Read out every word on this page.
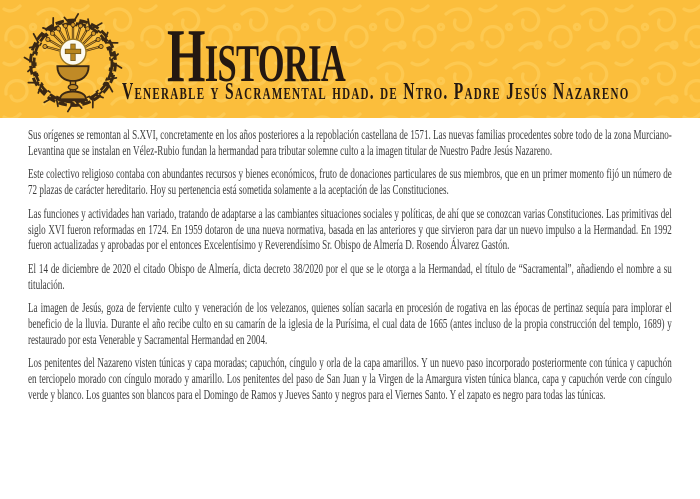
Historia
Venerable y Sacramental hdad. de Ntro. Padre Jesús Nazareno

Sus orígenes se remontan al S.XVI, concretamente en los años posteriores a la repoblación castellana de 1571. Las nuevas familias procedentes sobre todo de la zona Murciano-Levantina que se instalan en Vélez-Rubio fundan la hermandad para tributar solemne culto a la imagen titular de Nuestro Padre Jesús Nazareno.

Este colectivo religioso contaba con abundantes recursos y bienes económicos, fruto de donaciones particulares de sus miembros, que en un primer momento fijó un número de 72 plazas de carácter hereditario. Hoy su pertenencia está sometida solamente a la aceptación de las Constituciones.

Las funciones y actividades han variado, tratando de adaptarse a las cambiantes situaciones sociales y políticas, de ahí que se conozcan varias Constituciones. Las primitivas del siglo XVI fueron reformadas en 1724. En 1959 dotaron de una nueva normativa, basada en las anteriores y que sirvieron para dar un nuevo impulso a la Hermandad. En 1992 fueron actualizadas y aprobadas por el entonces Excelentísimo y Reverendísimo Sr. Obispo de Almería D. Rosendo Álvarez Gastón.

El 14 de diciembre de 2020 el citado Obispo de Almería, dicta decreto 38/2020 por el que se le otorga a la Hermandad, el título de “Sacramental”, añadiendo el nombre a su titulación.

La imagen de Jesús, goza de ferviente culto y veneración de los velezanos, quienes solían sacarla en procesión de rogativa en las épocas de pertinaz sequía para implorar el beneficio de la lluvia. Durante el año recibe culto en su camarín de la iglesia de la Purísima, el cual data de 1665 (antes incluso de la propia construcción del templo, 1689) y restaurado por esta Venerable y Sacramental Hermandad en 2004.

Los penitentes del Nazareno visten túnicas y capa moradas; capuchón, cíngulo y orla de la capa amarillos. Y un nuevo paso incorporado posteriormente con túnica y capuchón en terciopelo morado con cíngulo morado y amarillo. Los penitentes del paso de San Juan y la Virgen de la Amargura visten túnica blanca, capa y capuchón verde con cíngulo verde y blanco. Los guantes son blancos para el Domingo de Ramos y Jueves Santo y negros para el Viernes Santo. Y el zapato es negro para todas las túnicas.
